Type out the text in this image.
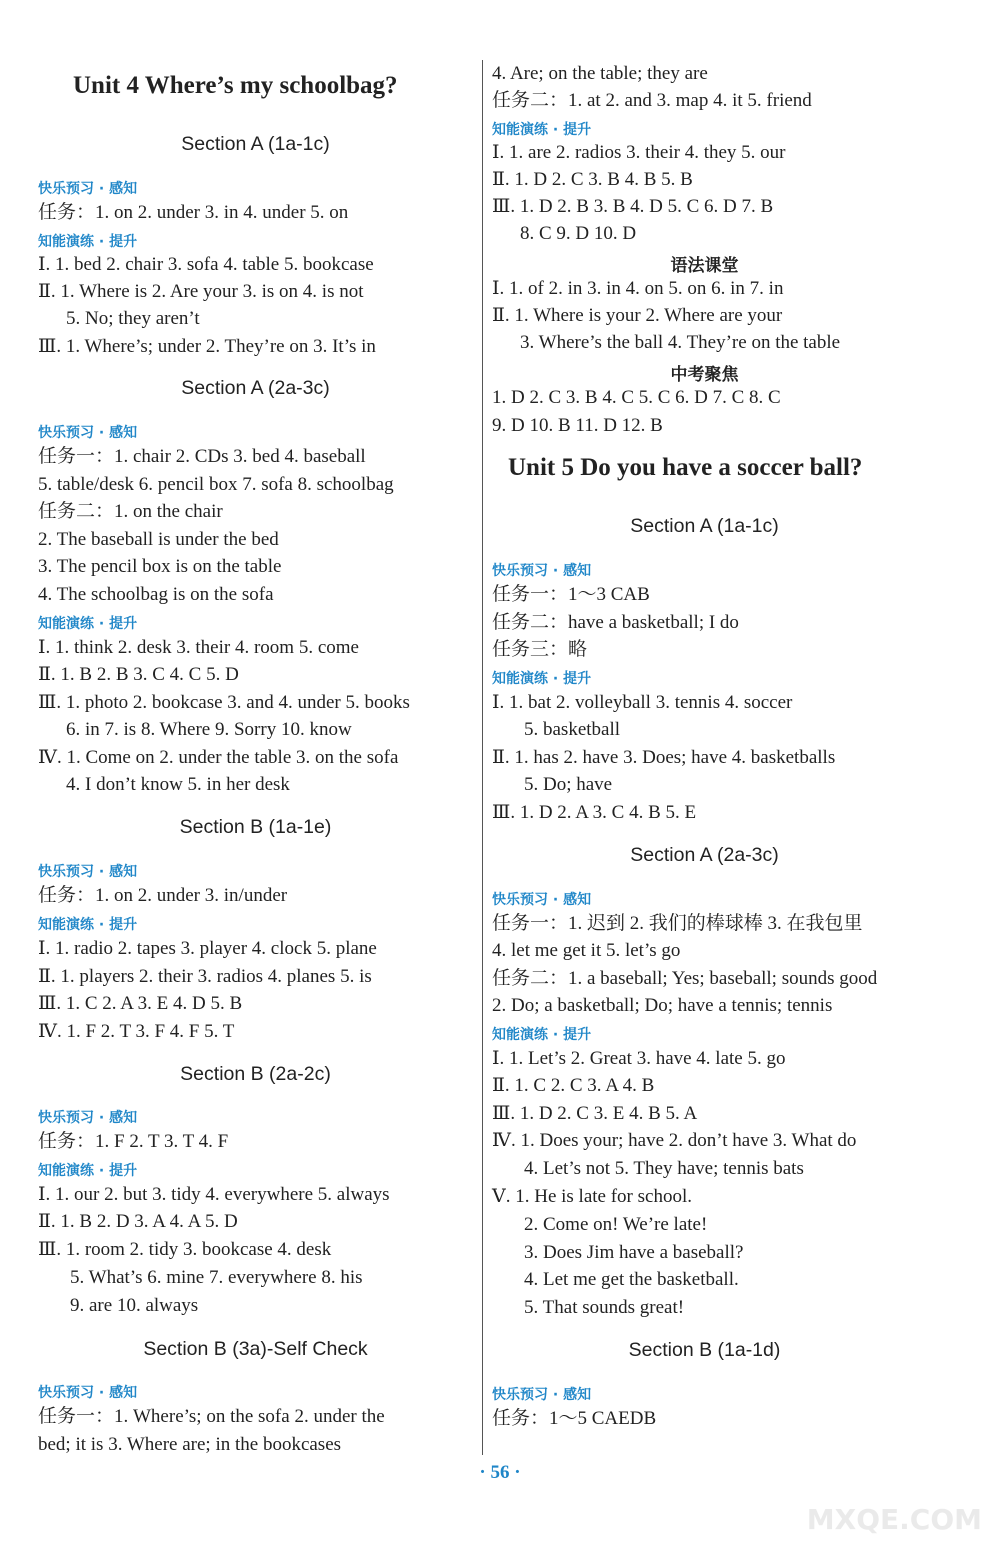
Unit 4 Where’s my schoolbag?
Section A (1a-1c)
快乐预习 · 感知
任务：1. on 2. under 3. in 4. under 5. on
知能演练 · 提升
Ⅰ. 1. bed 2. chair 3. sofa 4. table 5. bookcase
Ⅱ. 1. Where is 2. Are your 3. is on 4. is not
5. No; they aren’t
Ⅲ. 1. Where’s; under 2. They’re on 3. It’s in
Section A (2a-3c)
快乐预习 · 感知
任务一：1. chair 2. CDs 3. bed 4. baseball
5. table/desk 6. pencil box 7. sofa 8. schoolbag
任务二：1. on the chair
2. The baseball is under the bed
3. The pencil box is on the table
4. The schoolbag is on the sofa
知能演练 · 提升
Ⅰ. 1. think 2. desk 3. their 4. room 5. come
Ⅱ. 1. B 2. B 3. C 4. C 5. D
Ⅲ. 1. photo 2. bookcase 3. and 4. under 5. books
6. in 7. is 8. Where 9. Sorry 10. know
Ⅳ. 1. Come on 2. under the table 3. on the sofa
4. I don’t know 5. in her desk
Section B (1a-1e)
快乐预习 · 感知
任务：1. on 2. under 3. in/under
知能演练 · 提升
Ⅰ. 1. radio 2. tapes 3. player 4. clock 5. plane
Ⅱ. 1. players 2. their 3. radios 4. planes 5. is
Ⅲ. 1. C 2. A 3. E 4. D 5. B
Ⅳ. 1. F 2. T 3. F 4. F 5. T
Section B (2a-2c)
快乐预习 · 感知
任务：1. F 2. T 3. T 4. F
知能演练 · 提升
Ⅰ. 1. our 2. but 3. tidy 4. everywhere 5. always
Ⅱ. 1. B 2. D 3. A 4. A 5. D
Ⅲ. 1. room 2. tidy 3. bookcase 4. desk
5. What’s 6. mine 7. everywhere 8. his
9. are 10. always
Section B (3a)-Self Check
快乐预习 · 感知
任务一：1. Where’s; on the sofa 2. under the
bed; it is 3. Where are; in the bookcases
4. Are; on the table; they are
任务二：1. at 2. and 3. map 4. it 5. friend
知能演练 · 提升
Ⅰ. 1. are 2. radios 3. their 4. they 5. our
Ⅱ. 1. D 2. C 3. B 4. B 5. B
Ⅲ. 1. D 2. B 3. B 4. D 5. C 6. D 7. B
8. C 9. D 10. D
语法课堂
Ⅰ. 1. of 2. in 3. in 4. on 5. on 6. in 7. in
Ⅱ. 1. Where is your 2. Where are your
3. Where’s the ball 4. They’re on the table
中考聚焦
1. D 2. C 3. B 4. C 5. C 6. D 7. C 8. C
9. D 10. B 11. D 12. B
Unit 5 Do you have a soccer ball?
Section A (1a-1c)
快乐预习 · 感知
任务一：1～3 CAB
任务二：have a basketball; I do
任务三：略
知能演练 · 提升
Ⅰ. 1. bat 2. volleyball 3. tennis 4. soccer
5. basketball
Ⅱ. 1. has 2. have 3. Does; have 4. basketballs
5. Do; have
Ⅲ. 1. D 2. A 3. C 4. B 5. E
Section A (2a-3c)
快乐预习 · 感知
任务一：1. 迟到 2. 我们的棒球棒 3. 在我包里
4. let me get it 5. let’s go
任务二：1. a baseball; Yes; baseball; sounds good
2. Do; a basketball; Do; have a tennis; tennis
知能演练 · 提升
Ⅰ. 1. Let’s 2. Great 3. have 4. late 5. go
Ⅱ. 1. C 2. C 3. A 4. B
Ⅲ. 1. D 2. C 3. E 4. B 5. A
Ⅳ. 1. Does your; have 2. don’t have 3. What do
4. Let’s not 5. They have; tennis bats
Ⅴ. 1. He is late for school.
2. Come on! We’re late!
3. Does Jim have a baseball?
4. Let me get the basketball.
5. That sounds great!
Section B (1a-1d)
快乐预习 · 感知
任务：1～5 CAEDB
· 56 ·
MXQE.COM
